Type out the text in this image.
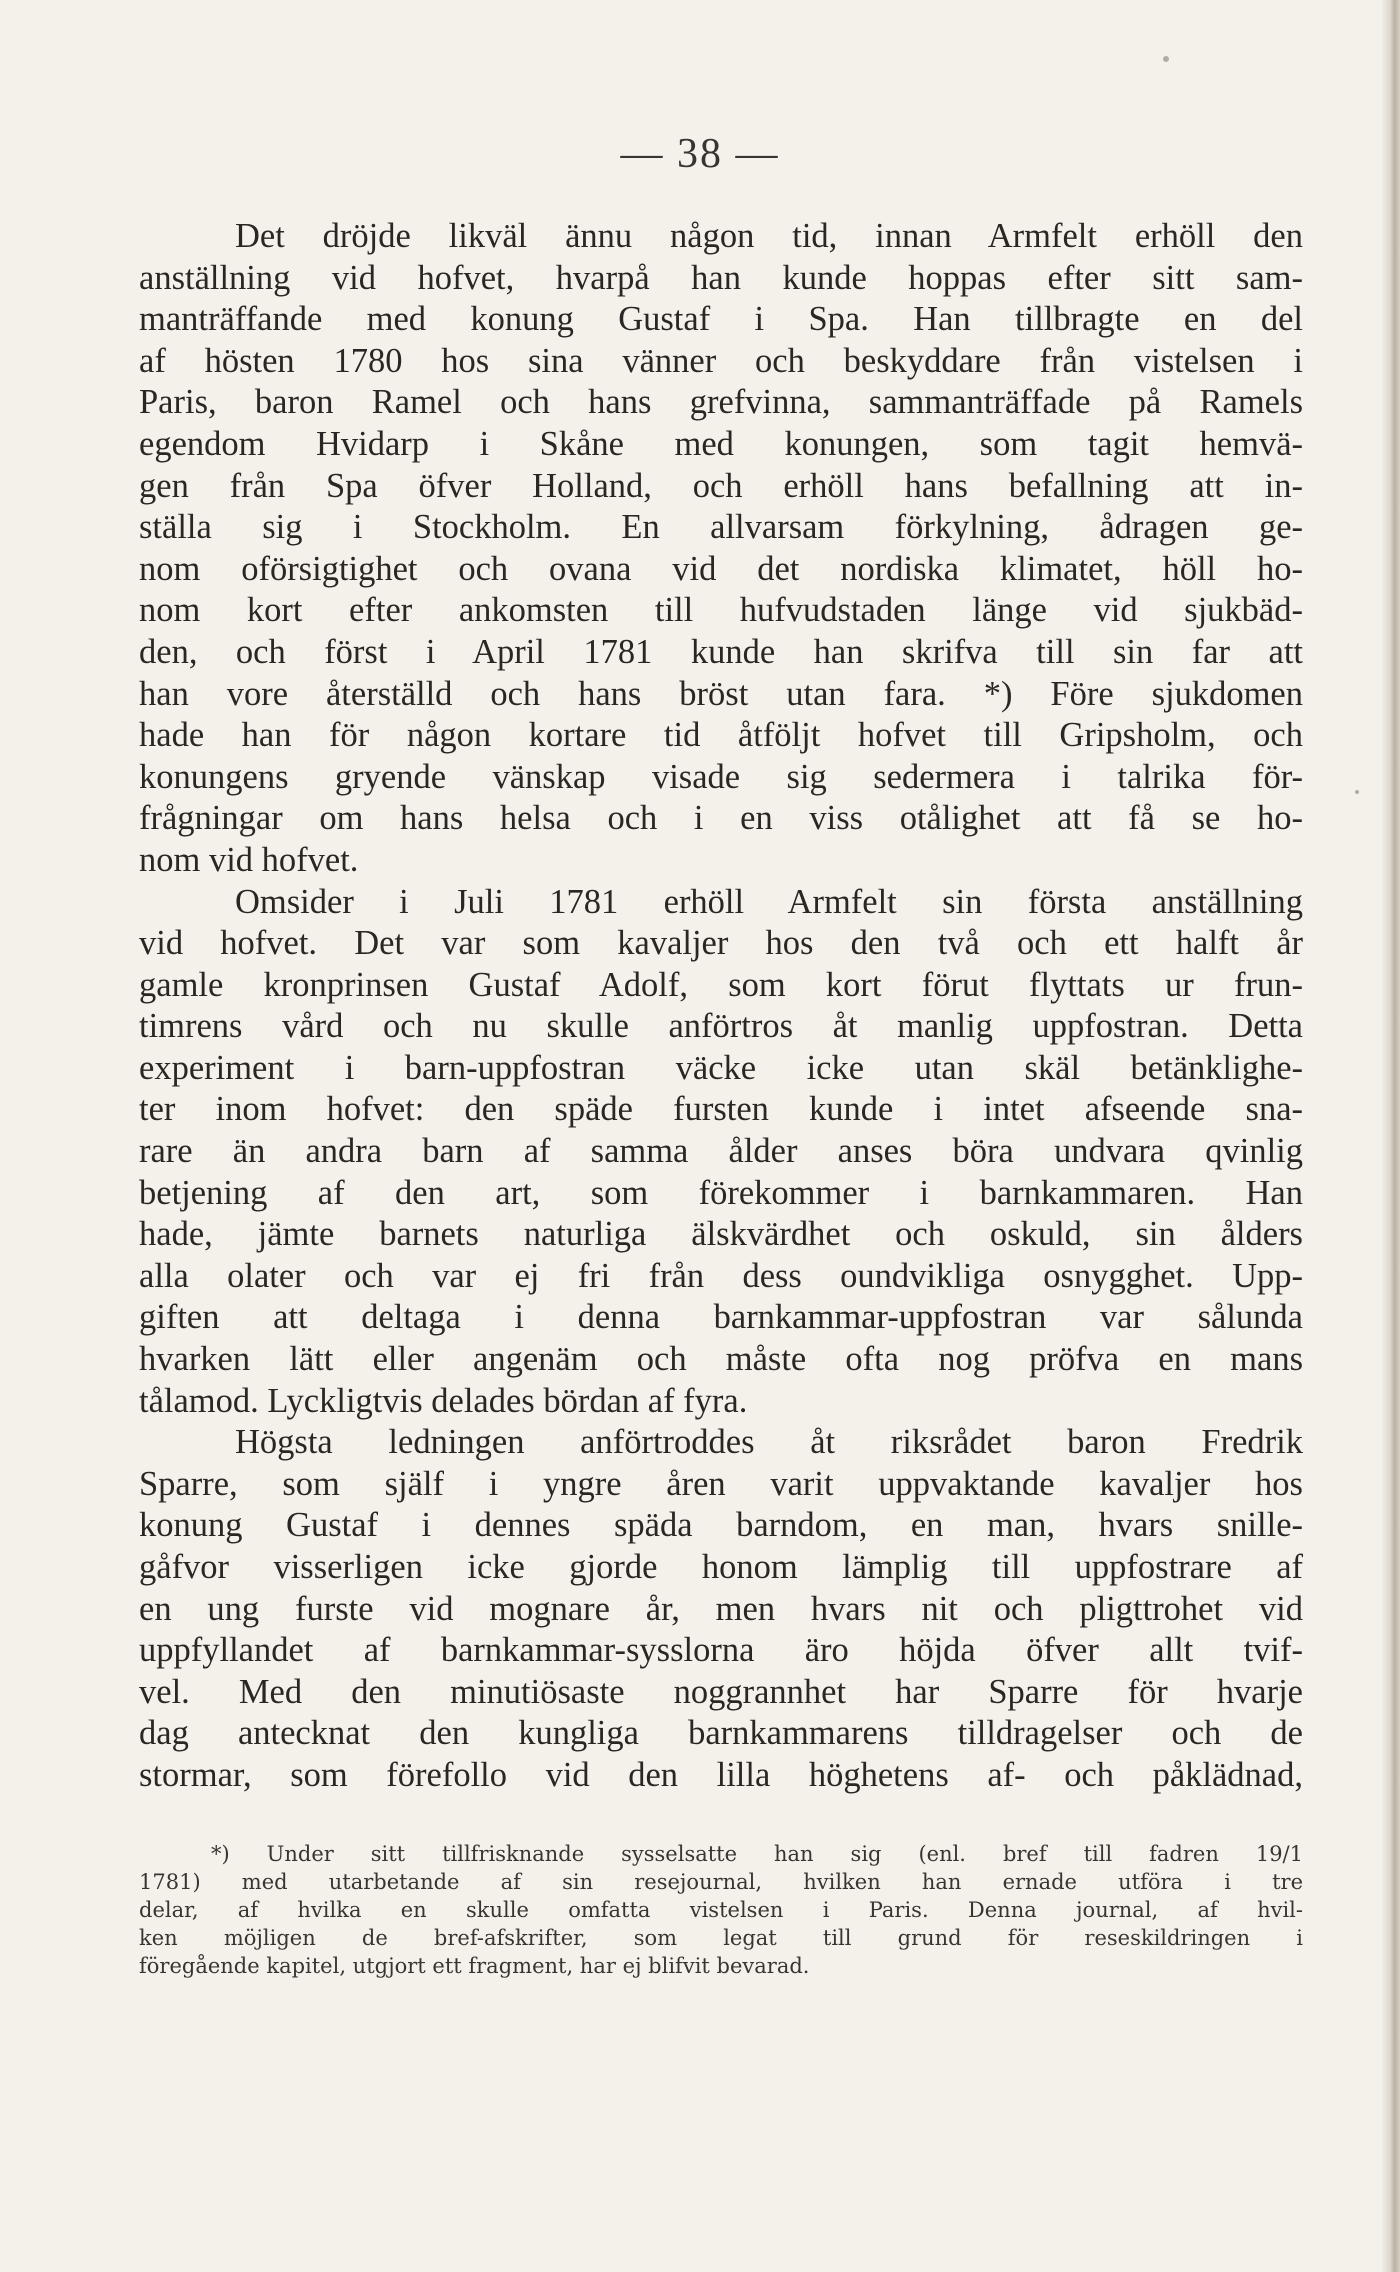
— 38 —
Det dröjde likväl ännu någon tid, innan Armfelt erhöll den
anställning vid hofvet, hvarpå han kunde hoppas efter sitt sam-
manträffande med konung Gustaf i Spa. Han tillbragte en del
af hösten 1780 hos sina vänner och beskyddare från vistelsen i
Paris, baron Ramel och hans grefvinna, sammanträffade på Ramels
egendom Hvidarp i Skåne med konungen, som tagit hemvä-
gen från Spa öfver Holland, och erhöll hans befallning att in-
ställa sig i Stockholm. En allvarsam förkylning, ådragen ge-
nom oförsigtighet och ovana vid det nordiska klimatet, höll ho-
nom kort efter ankomsten till hufvudstaden länge vid sjukbäd-
den, och först i April 1781 kunde han skrifva till sin far att
han vore återställd och hans bröst utan fara. *) Före sjukdomen
hade han för någon kortare tid åtföljt hofvet till Gripsholm, och
konungens gryende vänskap visade sig sedermera i talrika för-
frågningar om hans helsa och i en viss otålighet att få se ho-
nom vid hofvet.
Omsider i Juli 1781 erhöll Armfelt sin första anställning
vid hofvet. Det var som kavaljer hos den två och ett halft år
gamle kronprinsen Gustaf Adolf, som kort förut flyttats ur frun-
timrens vård och nu skulle anförtros åt manlig uppfostran. Detta
experiment i barn-uppfostran väcke icke utan skäl betänklighe-
ter inom hofvet: den späde fursten kunde i intet afseende sna-
rare än andra barn af samma ålder anses böra undvara qvinlig
betjening af den art, som förekommer i barnkammaren. Han
hade, jämte barnets naturliga älskvärdhet och oskuld, sin ålders
alla olater och var ej fri från dess oundvikliga osnygghet. Upp-
giften att deltaga i denna barnkammar-uppfostran var sålunda
hvarken lätt eller angenäm och måste ofta nog pröfva en mans
tålamod. Lyckligtvis delades bördan af fyra.
Högsta ledningen anförtroddes åt riksrådet baron Fredrik
Sparre, som själf i yngre åren varit uppvaktande kavaljer hos
konung Gustaf i dennes späda barndom, en man, hvars snille-
gåfvor visserligen icke gjorde honom lämplig till uppfostrare af
en ung furste vid mognare år, men hvars nit och pligttrohet vid
uppfyllandet af barnkammar-sysslorna äro höjda öfver allt tvif-
vel. Med den minutiösaste noggrannhet har Sparre för hvarje
dag antecknat den kungliga barnkammarens tilldragelser och de
stormar, som förefollo vid den lilla höghetens af- och påklädnad,
*) Under sitt tillfrisknande sysselsatte han sig (enl. bref till fadren 19/1
1781) med utarbetande af sin resejournal, hvilken han ernade utföra i tre
delar, af hvilka en skulle omfatta vistelsen i Paris. Denna journal, af hvil-
ken möjligen de bref-afskrifter, som legat till grund för reseskildringen i
föregående kapitel, utgjort ett fragment, har ej blifvit bevarad.
